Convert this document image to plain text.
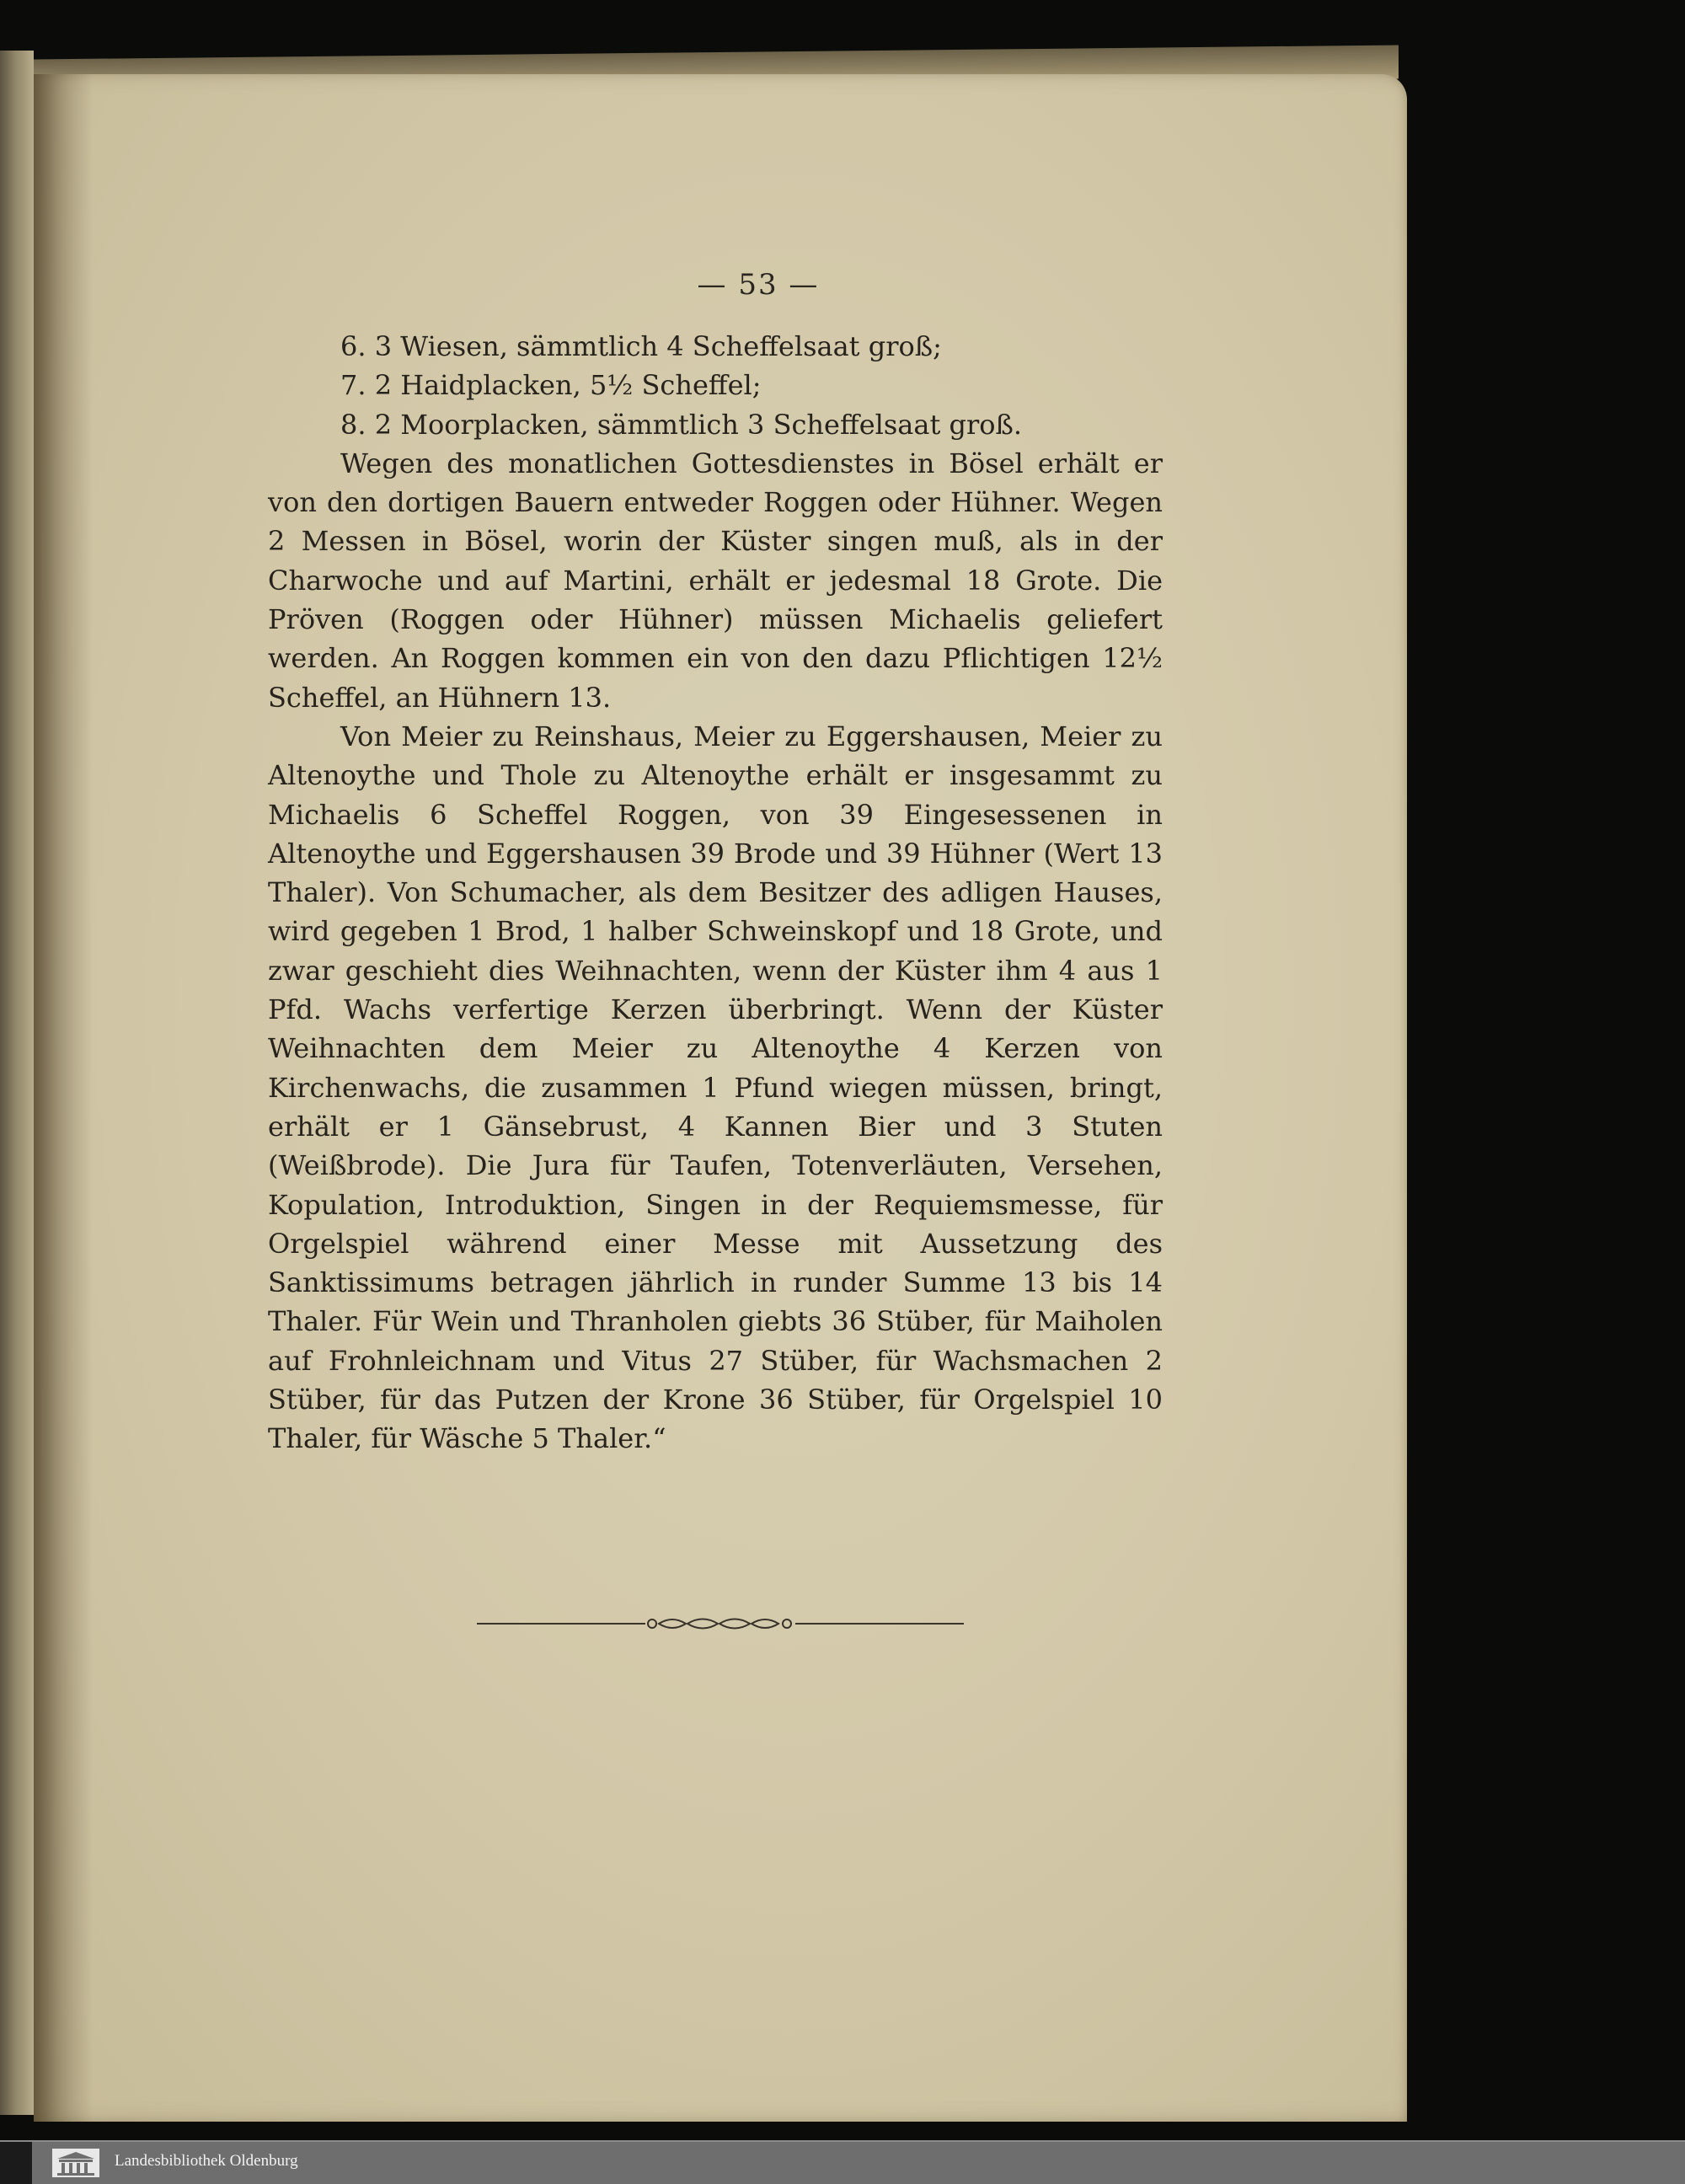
— 53 —

6. 3 Wiesen, sämmtlich 4 Scheffelsaat groß;

7. 2 Haidplacken, 5½ Scheffel;

8. 2 Moorplacken, sämmtlich 3 Scheffelsaat groß.

Wegen des monatlichen Gottesdienstes in Bösel erhält er von den dortigen Bauern entweder Roggen oder Hühner. Wegen 2 Messen in Bösel, worin der Küster singen muß, als in der Charwoche und auf Martini, erhält er jedesmal 18 Grote. Die Pröven (Roggen oder Hühner) müssen Michaelis geliefert werden. An Roggen kommen ein von den dazu Pflichtigen 12½ Scheffel, an Hühnern 13.

Von Meier zu Reinshaus, Meier zu Eggershausen, Meier zu Altenoythe und Thole zu Altenoythe erhält er insgesammt zu Michaelis 6 Scheffel Roggen, von 39 Eingesessenen in Altenoythe und Eggershausen 39 Brode und 39 Hühner (Wert 13 Thaler). Von Schumacher, als dem Besitzer des adligen Hauses, wird gegeben 1 Brod, 1 halber Schweinskopf und 18 Grote, und zwar geschieht dies Weihnachten, wenn der Küster ihm 4 aus 1 Pfd. Wachs verfertige Kerzen überbringt. Wenn der Küster Weihnachten dem Meier zu Altenoythe 4 Kerzen von Kirchenwachs, die zusammen 1 Pfund wiegen müssen, bringt, erhält er 1 Gänsebrust, 4 Kannen Bier und 3 Stuten (Weißbrode). Die Jura für Taufen, Totenverläuten, Versehen, Kopulation, Introduktion, Singen in der Requiemsmesse, für Orgelspiel während einer Messe mit Aussetzung des Sanktissimums betragen jährlich in runder Summe 13 bis 14 Thaler. Für Wein und Thranholen giebts 36 Stüber, für Maiholen auf Frohnleichnam und Vitus 27 Stüber, für Wachsmachen 2 Stüber, für das Putzen der Krone 36 Stüber, für Orgelspiel 10 Thaler, für Wäsche 5 Thaler.“

Landesbibliothek Oldenburg
